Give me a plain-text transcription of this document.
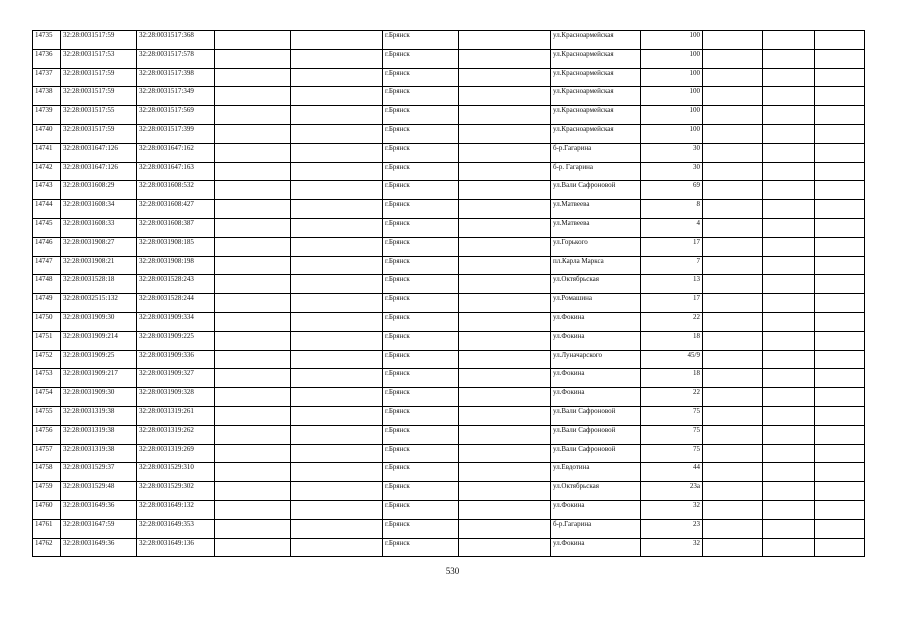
14735	32:28:0031517:59	32:28:0031517:368			г.Брянск		ул.Красноармейская	100			
14736	32:28:0031517:53	32:28:0031517:578			г.Брянск		ул.Красноармейская	100			
14737	32:28:0031517:59	32:28:0031517:398			г.Брянск		ул.Красноармейская	100			
14738	32:28:0031517:59	32:28:0031517:349			г.Брянск		ул.Красноармейская	100			
14739	32:28:0031517:55	32:28:0031517:569			г.Брянск		ул.Красноармейская	100			
14740	32:28:0031517:59	32:28:0031517:399			г.Брянск		ул.Красноармейская	100			
14741	32:28:0031647:126	32:28:0031647:162			г.Брянск		б-р.Гагарина	30			
14742	32:28:0031647:126	32:28:0031647:163			г.Брянск		б-р. Гагарина	30			
14743	32:28:0031608:29	32:28:0031608:532			г.Брянск		ул.Вали Сафроновой	69			
14744	32:28:0031608:34	32:28:0031608:427			г.Брянск		ул.Матвеева	8			
14745	32:28:0031608:33	32:28:0031608:387			г.Брянск		ул.Матвеева	4			
14746	32:28:0031908:27	32:28:0031908:185			г.Брянск		ул.Горького	17			
14747	32:28:0031908:21	32:28:0031908:198			г.Брянск		пл.Карла Маркса	7			
14748	32:28:0031528:18	32:28:0031528:243			г.Брянск		ул.Октябрьская	13			
14749	32:28:0032515:132	32:28:0031528:244			г.Брянск		ул.Ромашина	17			
14750	32:28:0031909:30	32:28:0031909:334			г.Брянск		ул.Фокина	22			
14751	32:28:0031909:214	32:28:0031909:225			г.Брянск		ул.Фокина	18			
14752	32:28:0031909:25	32:28:0031909:336			г.Брянск		ул.Луначарского	45/9			
14753	32:28:0031909:217	32:28:0031909:327			г.Брянск		ул.Фокина	18			
14754	32:28:0031909:30	32:28:0031909:328			г.Брянск		ул.Фокина	22			
14755	32:28:0031319:38	32:28:0031319:261			г.Брянск		ул.Вали Сафроновой	75			
14756	32:28:0031319:38	32:28:0031319:262			г.Брянск		ул.Вали Сафроновой	75			
14757	32:28:0031319:38	32:28:0031319:269			г.Брянск		ул.Вали Сафроновой	75			
14758	32:28:0031529:37	32:28:0031529:310			г.Брянск		ул.Евдотина	44			
14759	32:28:0031529:48	32:28:0031529:302			г.Брянск		ул.Октябрьская	23а			
14760	32:28:0031649:36	32:28:0031649:132			г.Брянск		ул.Фокина	32			
14761	32:28:0031647:59	32:28:0031649:353			г.Брянск		б-р.Гагарина	23			
14762	32:28:0031649:36	32:28:0031649:136			г.Брянск		ул.Фокина	32			
530
